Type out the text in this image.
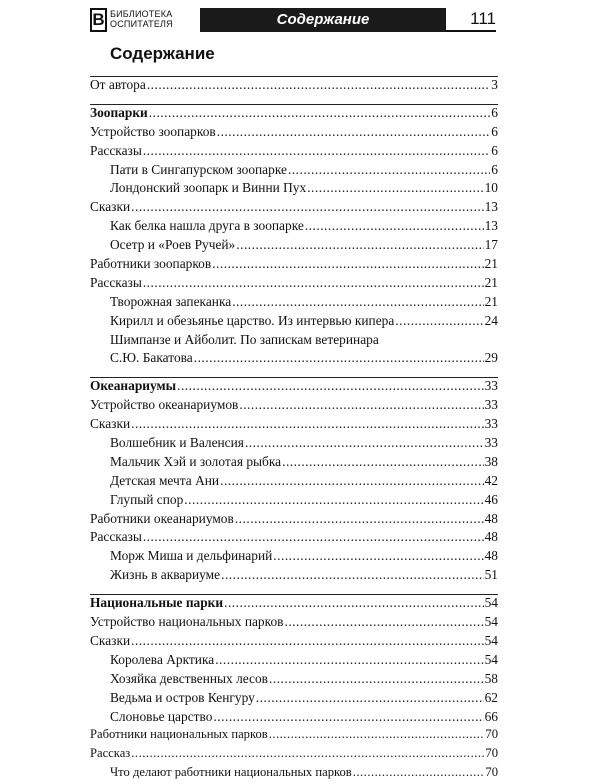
B БИБЛИОТЕКА
ОСПИТАТЕЛЯ	Содержание	111
Содержание
От автора .....	3
Зоопарки .....	6
Устройство зоопарков .....	6
Рассказы .....	6
Пати в Сингапурском зоопарке .....	6
Лондонский зоопарк и Винни Пух .....	10
Сказки .....	13
Как белка нашла друга в зоопарке .....	13
Осетр и «Роев Ручей» .....	17
Работники зоопарков .....	21
Рассказы .....	21
Творожная запеканка .....	21
Кирилл и обезьянье царство. Из интервью кипера .....	24
Шимпанзе и Айболит. По запискам ветеринара
С.Ю. Бакатова .....	29
Океанариумы .....	33
Устройство океанариумов .....	33
Сказки .....	33
Волшебник и Валенсия .....	33
Мальчик Хэй и золотая рыбка .....	38
Детская мечта Ани .....	42
Глупый спор .....	46
Работники океанариумов .....	48
Рассказы .....	48
Морж Миша и дельфинарий .....	48
Жизнь в аквариуме .....	51
Национальные парки .....	54
Устройство национальных парков .....	54
Сказки .....	54
Королева Арктика .....	54
Хозяйка девственных лесов .....	58
Ведьма и остров Кенгуру .....	62
Слоновье царство .....	66
Работники национальных парков .....	70
Рассказ .....	70
Что делают работники национальных парков .....	70
